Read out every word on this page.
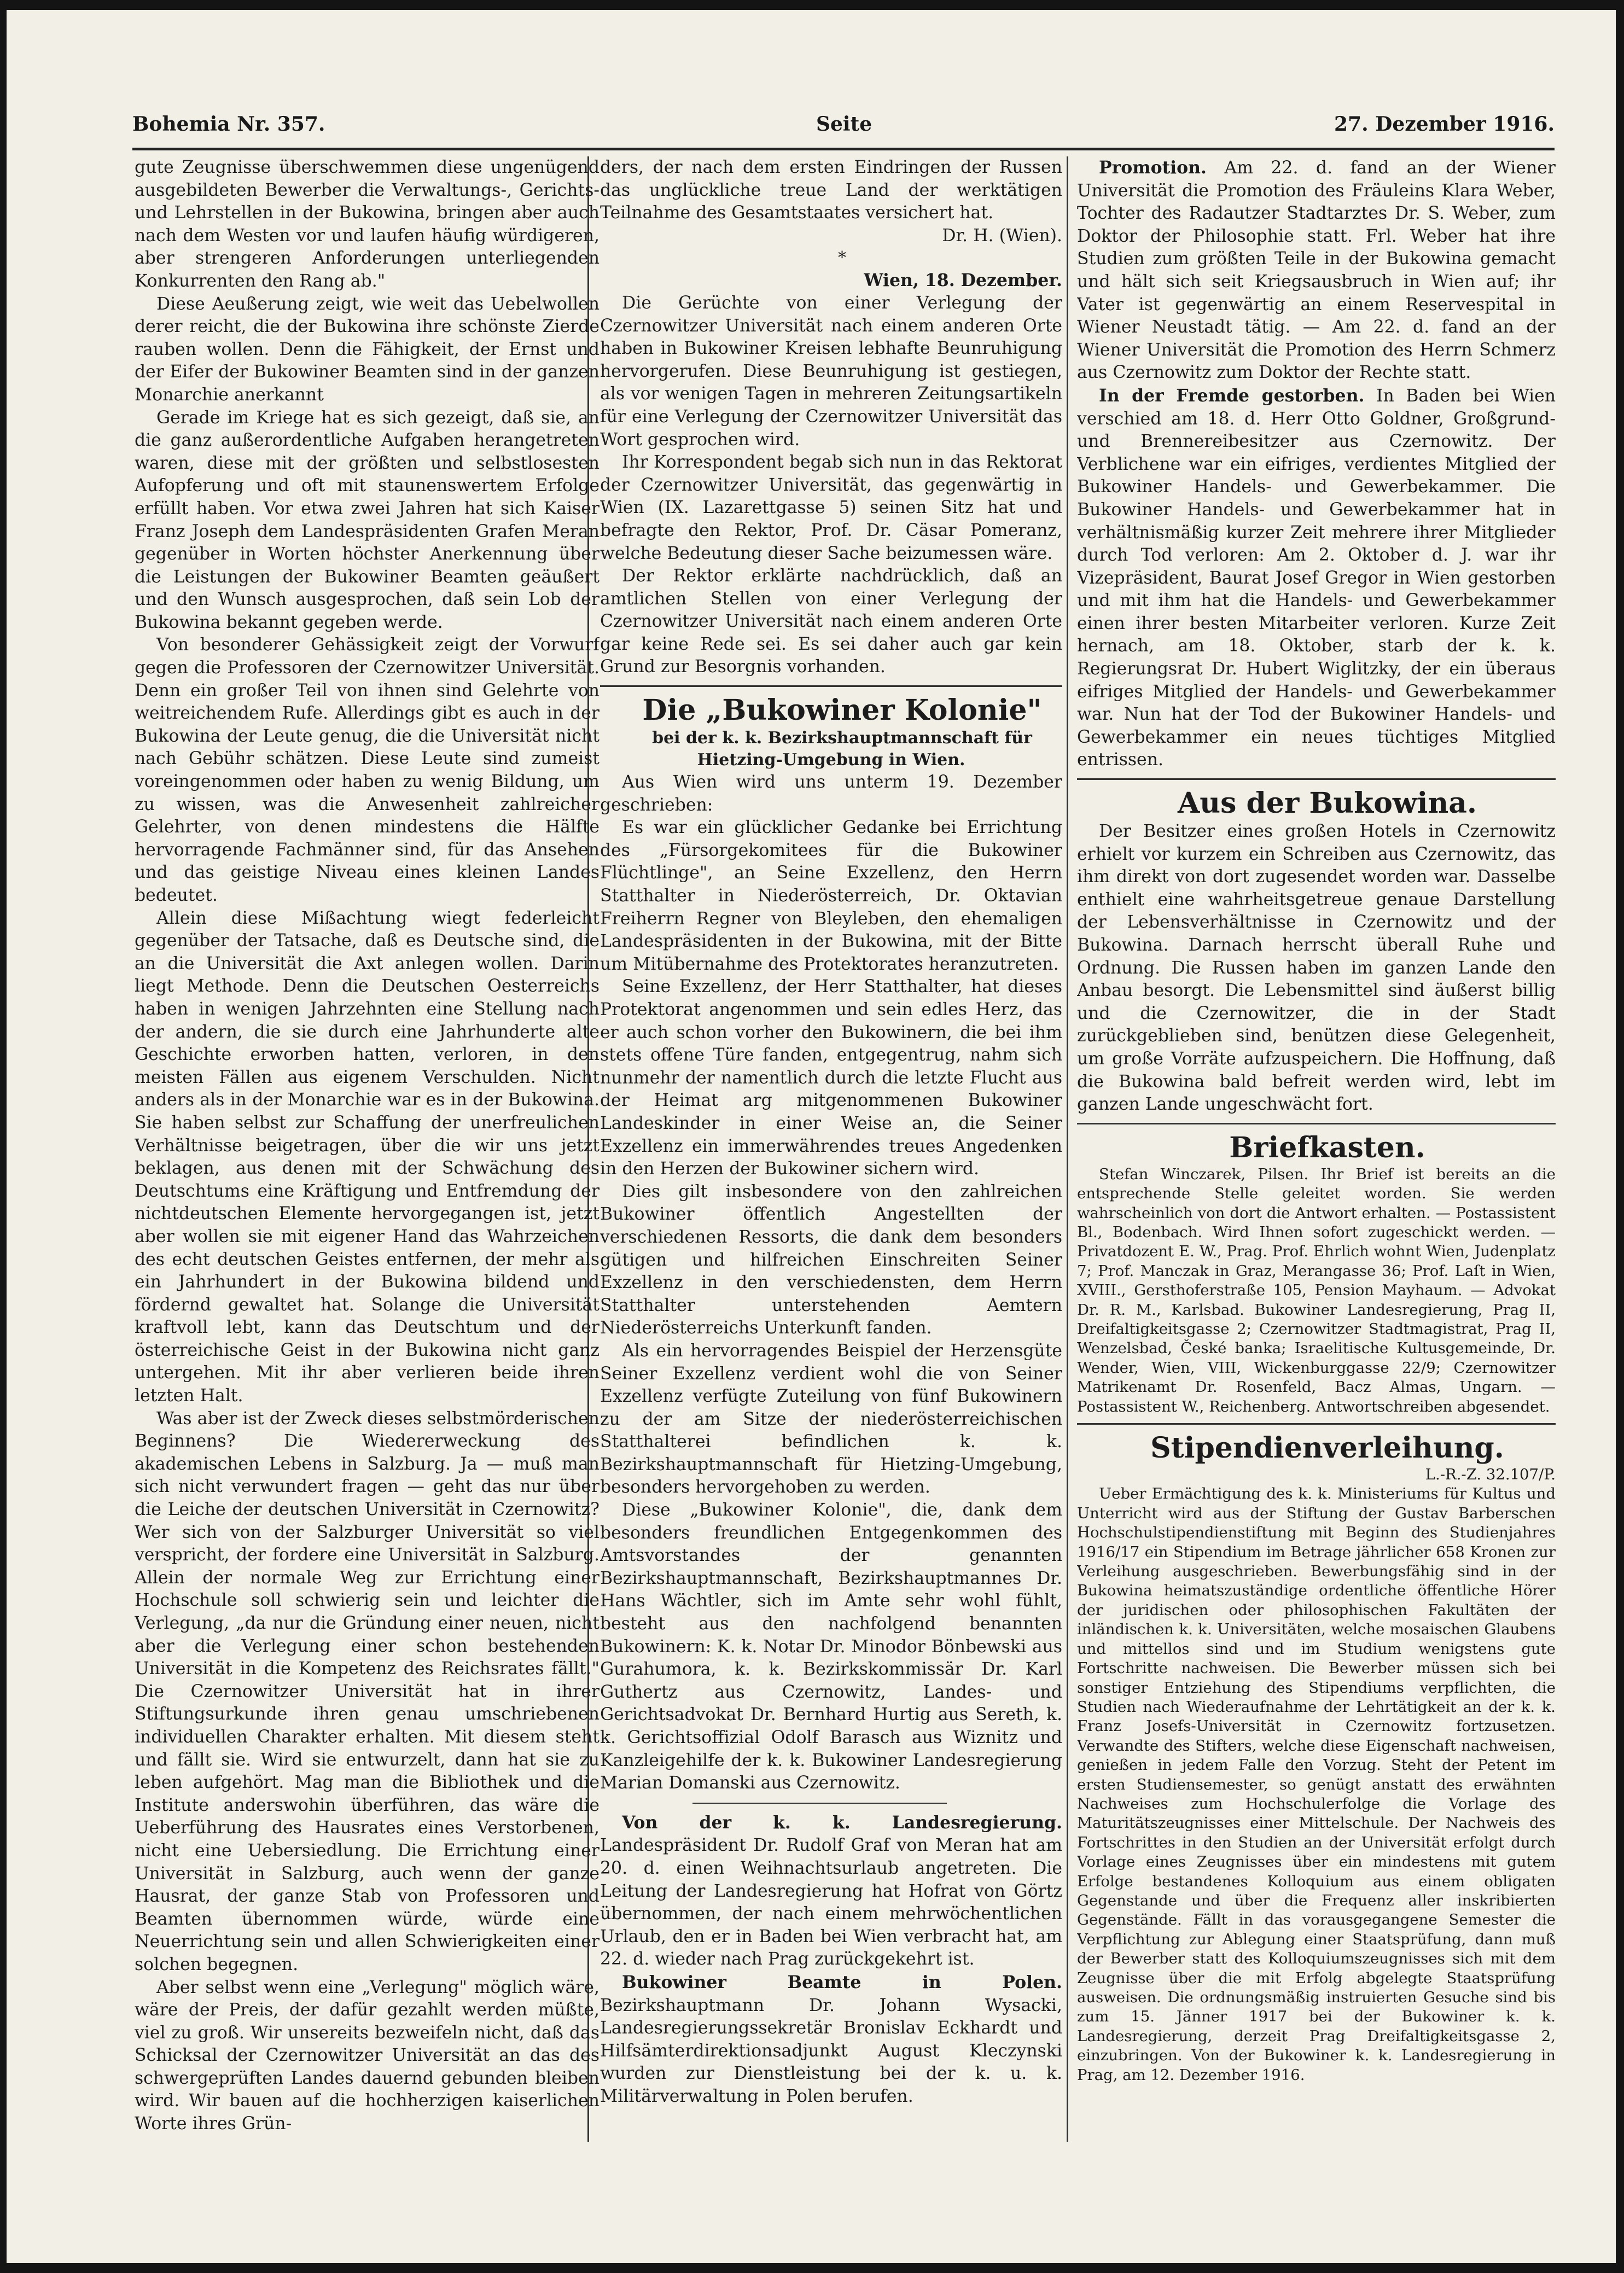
Bohemia Nr. 357.	Seite	27. Dezember 1916.

gute Zeugnisse überschwemmen diese ungenügend ausgebildeten Bewerber die Verwaltungs-, Gerichts- und Lehrstellen in der Bukowina, bringen aber auch nach dem Westen vor und laufen häufig würdigeren, aber strengeren Anforderungen unterliegenden Konkurrenten den Rang ab."

Diese Aeußerung zeigt, wie weit das Uebelwollen derer reicht, die der Bukowina ihre schönste Zierde rauben wollen. Denn die Fähigkeit, der Ernst und der Eifer der Bukowiner Beamten sind in der ganzen Monarchie anerkannt

Gerade im Kriege hat es sich gezeigt, daß sie, an die ganz außerordentliche Aufgaben herangetreten waren, diese mit der größten und selbstlosesten Aufopferung und oft mit staunenswertem Erfolge erfüllt haben. Vor etwa zwei Jahren hat sich Kaiser Franz Joseph dem Landespräsidenten Grafen Meran gegenüber in Worten höchster Anerkennung über die Leistungen der Bukowiner Beamten geäußert und den Wunsch ausgesprochen, daß sein Lob der Bukowina bekannt gegeben werde.

Von besonderer Gehässigkeit zeigt der Vorwurf gegen die Professoren der Czernowitzer Universität. Denn ein großer Teil von ihnen sind Gelehrte von weitreichendem Rufe. Allerdings gibt es auch in der Bukowina der Leute genug, die die Universität nicht nach Gebühr schätzen. Diese Leute sind zumeist voreingenommen oder haben zu wenig Bildung, um zu wissen, was die Anwesenheit zahlreicher Gelehrter, von denen mindestens die Hälfte hervorragende Fachmänner sind, für das Ansehen und das geistige Niveau eines kleinen Landes bedeutet.

Allein diese Mißachtung wiegt federleicht gegenüber der Tatsache, daß es Deutsche sind, die an die Universität die Axt anlegen wollen. Darin liegt Methode. Denn die Deutschen Oesterreichs haben in wenigen Jahrzehnten eine Stellung nach der andern, die sie durch eine Jahrhunderte alte Geschichte erworben hatten, verloren, in den meisten Fällen aus eigenem Verschulden. Nicht anders als in der Monarchie war es in der Bukowina. Sie haben selbst zur Schaffung der unerfreulichen Verhältnisse beigetragen, über die wir uns jetzt beklagen, aus denen mit der Schwächung des Deutschtums eine Kräftigung und Entfremdung der nichtdeutschen Elemente hervorgegangen ist, jetzt aber wollen sie mit eigener Hand das Wahrzeichen des echt deutschen Geistes entfernen, der mehr als ein Jahrhundert in der Bukowina bildend und fördernd gewaltet hat. Solange die Universität kraftvoll lebt, kann das Deutschtum und der österreichische Geist in der Bukowina nicht ganz untergehen. Mit ihr aber verlieren beide ihren letzten Halt.

Was aber ist der Zweck dieses selbstmörderischen Beginnens? Die Wiedererweckung des akademischen Lebens in Salzburg. Ja — muß man sich nicht verwundert fragen — geht das nur über die Leiche der deutschen Universität in Czernowitz? Wer sich von der Salzburger Universität so viel verspricht, der fordere eine Universität in Salzburg. Allein der normale Weg zur Errichtung einer Hochschule soll schwierig sein und leichter die Verlegung, „da nur die Gründung einer neuen, nicht aber die Verlegung einer schon bestehenden Universität in die Kompetenz des Reichsrates fällt." Die Czernowitzer Universität hat in ihrer Stiftungsurkunde ihren genau umschriebenen individuellen Charakter erhalten. Mit diesem steht und fällt sie. Wird sie entwurzelt, dann hat sie zu leben aufgehört. Mag man die Bibliothek und die Institute anderswohin überführen, das wäre die Ueberführung des Hausrates eines Verstorbenen, nicht eine Uebersiedlung. Die Errichtung einer Universität in Salzburg, auch wenn der ganze Hausrat, der ganze Stab von Professoren und Beamten übernommen würde, würde eine Neuerrichtung sein und allen Schwierigkeiten einer solchen begegnen.

Aber selbst wenn eine „Verlegung" möglich wäre, wäre der Preis, der dafür gezahlt werden müßte, viel zu groß. Wir unsereits bezweifeln nicht, daß das Schicksal der Czernowitzer Universität an das des schwergeprüften Landes dauernd gebunden bleiben wird. Wir bauen auf die hochherzigen kaiserlichen Worte ihres Grün-

ders, der nach dem ersten Eindringen der Russen das unglückliche treue Land der werktätigen Teilnahme des Gesamtstaates versichert hat.

Dr. H. (Wien).

*

Wien, 18. Dezember.

Die Gerüchte von einer Verlegung der Czernowitzer Universität nach einem anderen Orte haben in Bukowiner Kreisen lebhafte Beunruhigung hervorgerufen. Diese Beunruhigung ist gestiegen, als vor wenigen Tagen in mehreren Zeitungsartikeln für eine Verlegung der Czernowitzer Universität das Wort gesprochen wird.

Ihr Korrespondent begab sich nun in das Rektorat der Czernowitzer Universität, das gegenwärtig in Wien (IX. Lazarettgasse 5) seinen Sitz hat und befragte den Rektor, Prof. Dr. Cäsar Pomeranz, welche Bedeutung dieser Sache beizumessen wäre.

Der Rektor erklärte nachdrücklich, daß an amtlichen Stellen von einer Verlegung der Czernowitzer Universität nach einem anderen Orte gar keine Rede sei. Es sei daher auch gar kein Grund zur Besorgnis vorhanden.

Die „Bukowiner Kolonie"

bei der k. k. Bezirkshauptmannschaft für Hietzing-Umgebung in Wien.

Aus Wien wird uns unterm 19. Dezember geschrieben:

Es war ein glücklicher Gedanke bei Errichtung des „Fürsorgekomitees für die Bukowiner Flüchtlinge", an Seine Exzellenz, den Herrn Statthalter in Niederösterreich, Dr. Oktavian Freiherrn Regner von Bleyleben, den ehemaligen Landespräsidenten in der Bukowina, mit der Bitte um Mitübernahme des Protektorates heranzutreten.

Seine Exzellenz, der Herr Statthalter, hat dieses Protektorat angenommen und sein edles Herz, das er auch schon vorher den Bukowinern, die bei ihm stets offene Türe fanden, entgegentrug, nahm sich nunmehr der namentlich durch die letzte Flucht aus der Heimat arg mitgenommenen Bukowiner Landeskinder in einer Weise an, die Seiner Exzellenz ein immerwährendes treues Angedenken in den Herzen der Bukowiner sichern wird.

Dies gilt insbesondere von den zahlreichen Bukowiner öffentlich Angestellten der verschiedenen Ressorts, die dank dem besonders gütigen und hilfreichen Einschreiten Seiner Exzellenz in den verschiedensten, dem Herrn Statthalter unterstehenden Aemtern Niederösterreichs Unterkunft fanden.

Als ein hervorragendes Beispiel der Herzensgüte Seiner Exzellenz verdient wohl die von Seiner Exzellenz verfügte Zuteilung von fünf Bukowinern zu der am Sitze der niederösterreichischen Statthalterei befindlichen k. k. Bezirkshauptmannschaft für Hietzing-Umgebung, besonders hervorgehoben zu werden.

Diese „Bukowiner Kolonie", die, dank dem besonders freundlichen Entgegenkommen des Amtsvorstandes der genannten Bezirkshauptmannschaft, Bezirkshauptmannes Dr. Hans Wächtler, sich im Amte sehr wohl fühlt, besteht aus den nachfolgend benannten Bukowinern: K. k. Notar Dr. Minodor Bönbewski aus Gurahumora, k. k. Bezirkskommissär Dr. Karl Guthertz aus Czernowitz, Landes- und Gerichtsadvokat Dr. Bernhard Hurtig aus Sereth, k. k. Gerichtsoffizial Odolf Barasch aus Wiznitz und Kanzleigehilfe der k. k. Bukowiner Landesregierung Marian Domanski aus Czernowitz.

Von der k. k. Landesregierung. Landespräsident Dr. Rudolf Graf von Meran hat am 20. d. einen Weihnachtsurlaub angetreten. Die Leitung der Landesregierung hat Hofrat von Görtz übernommen, der nach einem mehrwöchentlichen Urlaub, den er in Baden bei Wien verbracht hat, am 22. d. wieder nach Prag zurückgekehrt ist.

Bukowiner Beamte in Polen. Bezirkshauptmann Dr. Johann Wysacki, Landesregierungssekretär Bronislav Eckhardt und Hilfsämterdirektionsadjunkt August Kleczynski wurden zur Dienstleistung bei der k. u. k. Militärverwaltung in Polen berufen.

Promotion. Am 22. d. fand an der Wiener Universität die Promotion des Fräuleins Klara Weber, Tochter des Radautzer Stadtarztes Dr. S. Weber, zum Doktor der Philosophie statt. Frl. Weber hat ihre Studien zum größten Teile in der Bukowina gemacht und hält sich seit Kriegsausbruch in Wien auf; ihr Vater ist gegenwärtig an einem Reservespital in Wiener Neustadt tätig. — Am 22. d. fand an der Wiener Universität die Promotion des Herrn Schmerz aus Czernowitz zum Doktor der Rechte statt.

In der Fremde gestorben. In Baden bei Wien verschied am 18. d. Herr Otto Goldner, Großgrund- und Brennereibesitzer aus Czernowitz. Der Verblichene war ein eifriges, verdientes Mitglied der Bukowiner Handels- und Gewerbekammer. Die Bukowiner Handels- und Gewerbekammer hat in verhältnismäßig kurzer Zeit mehrere ihrer Mitglieder durch Tod verloren: Am 2. Oktober d. J. war ihr Vizepräsident, Baurat Josef Gregor in Wien gestorben und mit ihm hat die Handels- und Gewerbekammer einen ihrer besten Mitarbeiter verloren. Kurze Zeit hernach, am 18. Oktober, starb der k. k. Regierungsrat Dr. Hubert Wiglitzky, der ein überaus eifriges Mitglied der Handels- und Gewerbekammer war. Nun hat der Tod der Bukowiner Handels- und Gewerbekammer ein neues tüchtiges Mitglied entrissen.

Aus der Bukowina.

Der Besitzer eines großen Hotels in Czernowitz erhielt vor kurzem ein Schreiben aus Czernowitz, das ihm direkt von dort zugesendet worden war. Dasselbe enthielt eine wahrheitsgetreue genaue Darstellung der Lebensverhältnisse in Czernowitz und der Bukowina. Darnach herrscht überall Ruhe und Ordnung. Die Russen haben im ganzen Lande den Anbau besorgt. Die Lebensmittel sind äußerst billig und die Czernowitzer, die in der Stadt zurückgeblieben sind, benützen diese Gelegenheit, um große Vorräte aufzuspeichern. Die Hoffnung, daß die Bukowina bald befreit werden wird, lebt im ganzen Lande ungeschwächt fort.

Briefkasten.

Stefan Winczarek, Pilsen. Ihr Brief ist bereits an die entsprechende Stelle geleitet worden. Sie werden wahrscheinlich von dort die Antwort erhalten. — Postassistent Bl., Bodenbach. Wird Ihnen sofort zugeschickt werden. — Privatdozent E. W., Prag. Prof. Ehrlich wohnt Wien, Judenplatz 7; Prof. Manczak in Graz, Merangasse 36; Prof. Laſt in Wien, XVIII., Gersthoferstraße 105, Pension Mayhaum. — Advokat Dr. R. M., Karlsbad. Bukowiner Landesregierung, Prag II, Dreifaltigkeitsgasse 2; Czernowitzer Stadtmagistrat, Prag II, Wenzelsbad, České banka; Israelitische Kultusgemeinde, Dr. Wender, Wien, VIII, Wickenburggasse 22/9; Czernowitzer Matrikenamt Dr. Rosenfeld, Bacz Almas, Ungarn. — Postassistent W., Reichenberg. Antwortschreiben abgesendet.

Stipendienverleihung.

L.-R.-Z. 32.107/P.

Ueber Ermächtigung des k. k. Ministeriums für Kultus und Unterricht wird aus der Stiftung der Gustav Barberschen Hochschulstipendienstiftung mit Beginn des Studienjahres 1916/17 ein Stipendium im Betrage jährlicher 658 Kronen zur Verleihung ausgeschrieben. Bewerbungsfähig sind in der Bukowina heimatszuständige ordentliche öffentliche Hörer der juridischen oder philosophischen Fakultäten der inländischen k. k. Universitäten, welche mosaischen Glaubens und mittellos sind und im Studium wenigstens gute Fortschritte nachweisen. Die Bewerber müssen sich bei sonstiger Entziehung des Stipendiums verpflichten, die Studien nach Wiederaufnahme der Lehrtätigkeit an der k. k. Franz Josefs-Universität in Czernowitz fortzusetzen. Verwandte des Stifters, welche diese Eigenschaft nachweisen, genießen in jedem Falle den Vorzug. Steht der Petent im ersten Studiensemester, so genügt anstatt des erwähnten Nachweises zum Hochschulerfolge die Vorlage des Maturitätszeugnisses einer Mittelschule. Der Nachweis des Fortschrittes in den Studien an der Universität erfolgt durch Vorlage eines Zeugnisses über ein mindestens mit gutem Erfolge bestandenes Kolloquium aus einem obligaten Gegenstande und über die Frequenz aller inskribierten Gegenstände. Fällt in das vorausgegangene Semester die Verpflichtung zur Ablegung einer Staatsprüfung, dann muß der Bewerber statt des Kolloquiumszeugnisses sich mit dem Zeugnisse über die mit Erfolg abgelegte Staatsprüfung ausweisen. Die ordnungsmäßig instruierten Gesuche sind bis zum 15. Jänner 1917 bei der Bukowiner k. k. Landesregierung, derzeit Prag Dreifaltigkeitsgasse 2, einzubringen. Von der Bukowiner k. k. Landesregierung in Prag, am 12. Dezember 1916.
